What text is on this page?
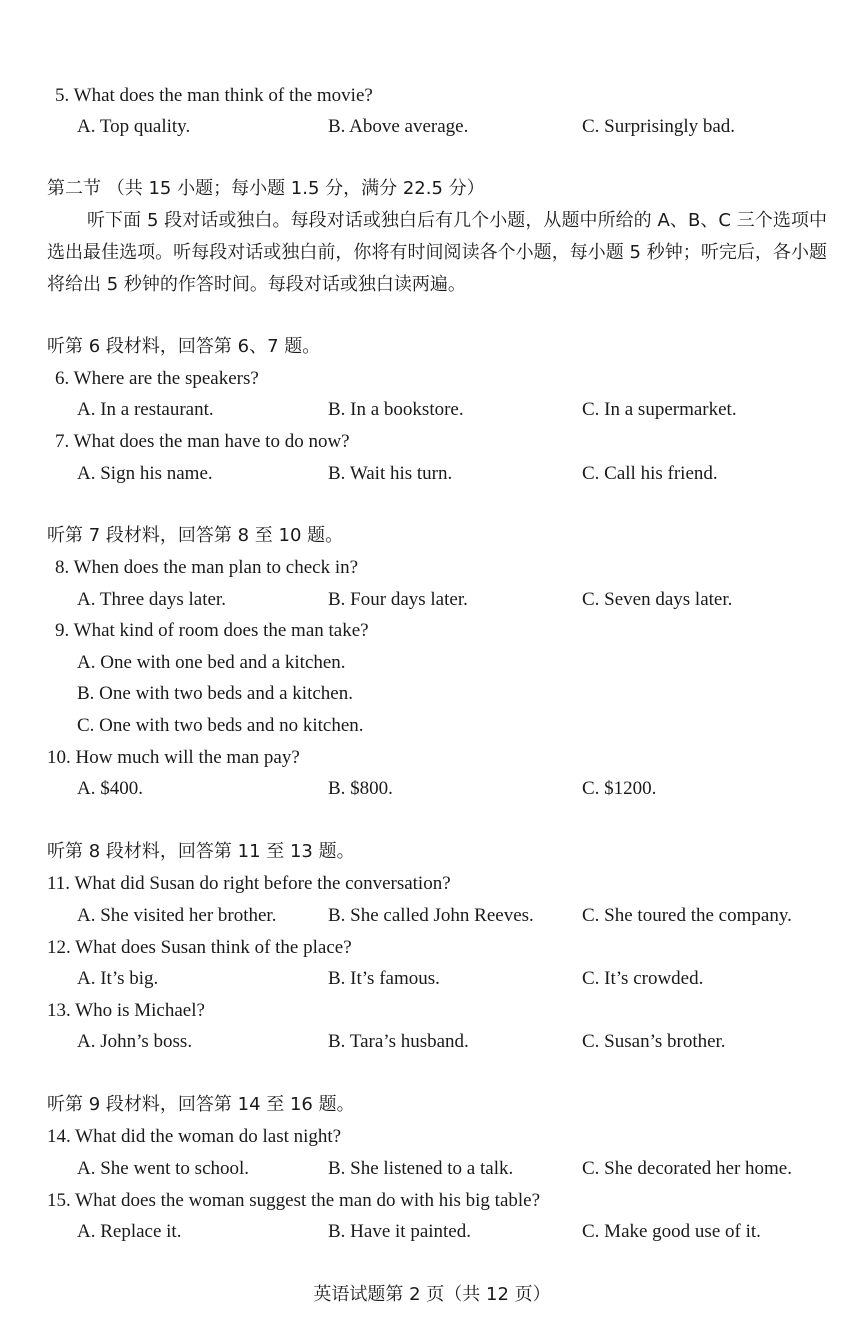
5. What does the man think of the movie?
A. Top quality.	B. Above average.	C. Surprisingly bad.
第二节 （共 15 小题；每小题 1.5 分，满分 22.5 分）

听下面 5 段对话或独白。每段对话或独白后有几个小题，从题中所给的 A、B、C 三个选项中选出最佳选项。听每段对话或独白前，你将有时间阅读各个小题，每小题 5 秒钟；听完后，各小题将给出 5 秒钟的作答时间。每段对话或独白读两遍。

听第 6 段材料，回答第 6、7 题。
6. Where are the speakers?
A. In a restaurant.	B. In a bookstore.	C. In a supermarket.
7. What does the man have to do now?
A. Sign his name.	B. Wait his turn.	C. Call his friend.
听第 7 段材料，回答第 8 至 10 题。
8. When does the man plan to check in?
A. Three days later.	B. Four days later.	C. Seven days later.
9. What kind of room does the man take?
A. One with one bed and a kitchen.
B. One with two beds and a kitchen.
C. One with two beds and no kitchen.
10. How much will the man pay?
A. $400.	B. $800.	C. $1200.
听第 8 段材料，回答第 11 至 13 题。
11. What did Susan do right before the conversation?
A. She visited her brother.	B. She called John Reeves.	C. She toured the company.
12. What does Susan think of the place?
A. It’s big.	B. It’s famous.	C. It’s crowded.
13. Who is Michael?
A. John’s boss.	B. Tara’s husband.	C. Susan’s brother.
听第 9 段材料，回答第 14 至 16 题。
14. What did the woman do last night?
A. She went to school.	B. She listened to a talk.	C. She decorated her home.
15. What does the woman suggest the man do with his big table?
A. Replace it.	B. Have it painted.	C. Make good use of it.
英语试题第 2 页（共 12 页）
